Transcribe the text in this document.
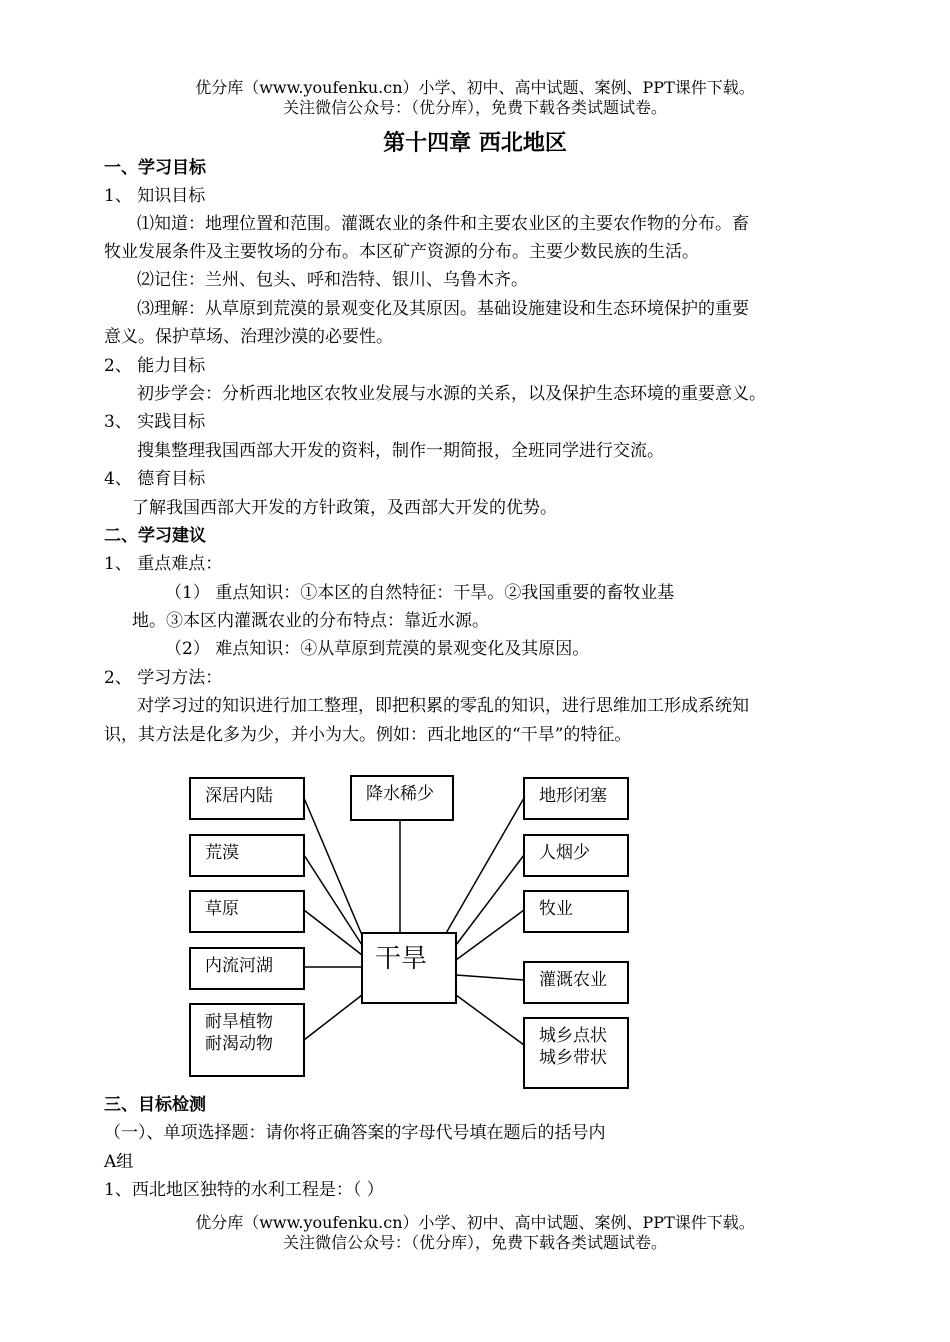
优分库（www.youfenku.cn）小学、初中、高中试题、案例、PPT课件下载。
关注微信公众号：（优分库），免费下载各类试题试卷。
第十四章 西北地区
一、学习目标
1、 知识目标
⑴知道：地理位置和范围。灌溉农业的条件和主要农业区的主要农作物的分布。畜
牧业发展条件及主要牧场的分布。本区矿产资源的分布。主要少数民族的生活。
⑵记住：兰州、包头、呼和浩特、银川、乌鲁木齐。
⑶理解：从草原到荒漠的景观变化及其原因。基础设施建设和生态环境保护的重要
意义。保护草场、治理沙漠的必要性。
2、 能力目标
初步学会：分析西北地区农牧业发展与水源的关系，以及保护生态环境的重要意义。
3、 实践目标
搜集整理我国西部大开发的资料，制作一期简报，全班同学进行交流。
4、 德育目标
了解我国西部大开发的方针政策，及西部大开发的优势。
二、学习建议
1、 重点难点：
（1） 重点知识：①本区的自然特征：干旱。②我国重要的畜牧业基
地。③本区内灌溉农业的分布特点：靠近水源。
（2） 难点知识：④从草原到荒漠的景观变化及其原因。
2、 学习方法：
对学习过的知识进行加工整理，即把积累的零乱的知识，进行思维加工形成系统知
识，其方法是化多为少，并小为大。例如：西北地区的“干旱”的特征。
干旱
深居内陆
荒漠
草原
内流河湖
耐旱植物
耐渴动物
降水稀少	地形闭塞
人烟少
牧业
灌溉农业
城乡点状
城乡带状
三、目标检测
（一）、单项选择题：请你将正确答案的字母代号填在题后的括号内
A组
1、西北地区独特的水利工程是：（ ）
优分库（www.youfenku.cn）小学、初中、高中试题、案例、PPT课件下载。
关注微信公众号：（优分库），免费下载各类试题试卷。
